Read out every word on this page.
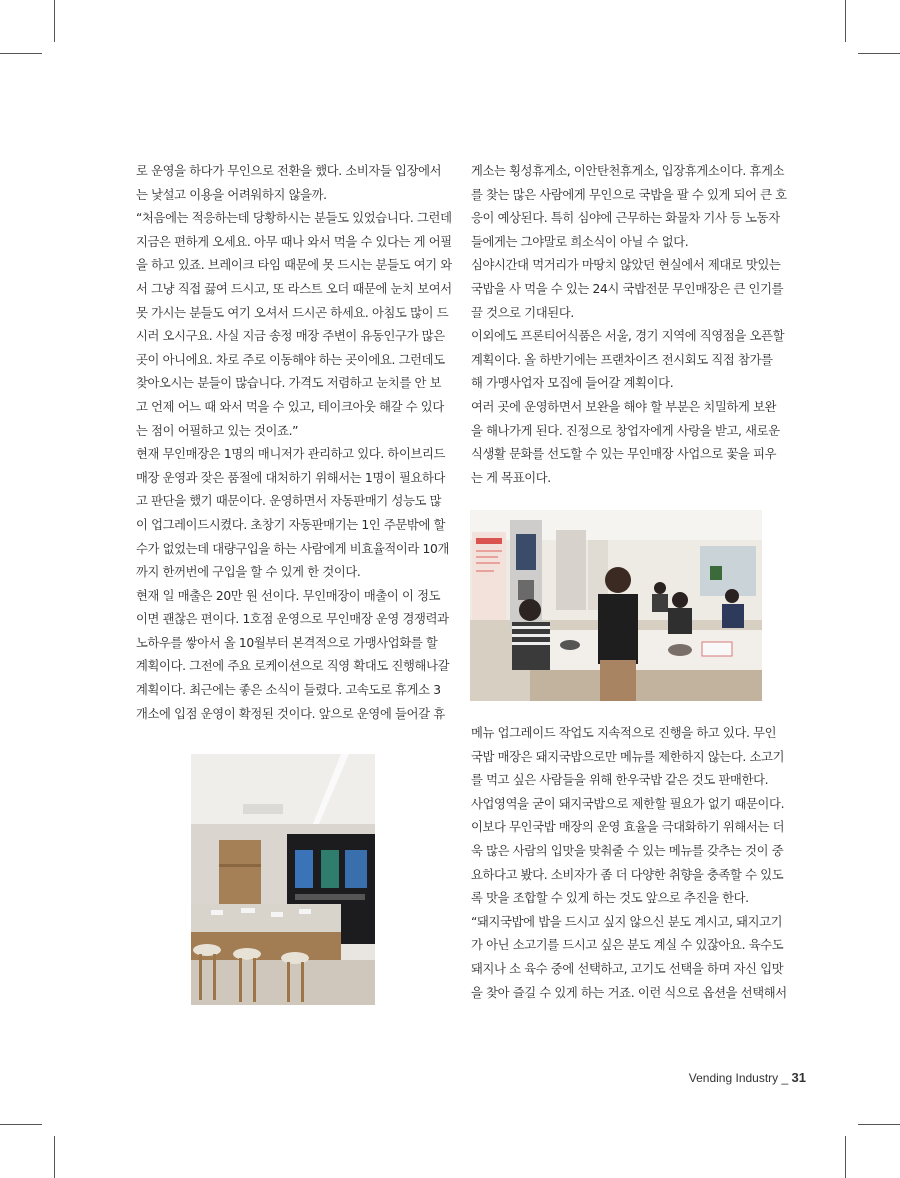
로 운영을 하다가 무인으로 전환을 했다. 소비자들 입장에서

는 낯설고 이용을 어려워하지 않을까.

“처음에는 적응하는데 당황하시는 분들도 있었습니다. 그런데

지금은 편하게 오세요. 아무 때나 와서 먹을 수 있다는 게 어필

을 하고 있죠. 브레이크 타임 때문에 못 드시는 분들도 여기 와

서 그냥 직접 끓여 드시고, 또 라스트 오더 때문에 눈치 보여서

못 가시는 분들도 여기 오셔서 드시곤 하세요. 아침도 많이 드

시러 오시구요. 사실 지금 송정 매장 주변이 유동인구가 많은

곳이 아니에요. 차로 주로 이동해야 하는 곳이에요. 그런데도

찾아오시는 분들이 많습니다. 가격도 저렴하고 눈치를 안 보

고 언제 어느 때 와서 먹을 수 있고, 테이크아웃 해갈 수 있다

는 점이 어필하고 있는 것이죠.”

현재 무인매장은 1명의 매니저가 관리하고 있다. 하이브리드

매장 운영과 잦은 품절에 대처하기 위해서는 1명이 필요하다

고 판단을 했기 때문이다. 운영하면서 자동판매기 성능도 많

이 업그레이드시켰다. 초창기 자동판매기는 1인 주문밖에 할

수가 없었는데 대량구입을 하는 사람에게 비효율적이라 10개

까지 한꺼번에 구입을 할 수 있게 한 것이다.

현재 일 매출은 20만 원 선이다. 무인매장이 매출이 이 정도

이면 괜찮은 편이다. 1호점 운영으로 무인매장 운영 경쟁력과

노하우를 쌓아서 올 10월부터 본격적으로 가맹사업화를 할

계획이다. 그전에 주요 로케이션으로 직영 확대도 진행해나갈

계획이다. 최근에는 좋은 소식이 들렸다. 고속도로 휴게소 3

개소에 입점 운영이 확정된 것이다. 앞으로 운영에 들어갈 휴

게소는 횡성휴게소, 이안탄천휴게소, 입장휴게소이다. 휴게소

를 찾는 많은 사람에게 무인으로 국밥을 팔 수 있게 되어 큰 호

응이 예상된다. 특히 심야에 근무하는 화물차 기사 등 노동자

들에게는 그야말로 희소식이 아닐 수 없다.

심야시간대 먹거리가 마땅치 않았던 현실에서 제대로 맛있는

국밥을 사 먹을 수 있는 24시 국밥전문 무인매장은 큰 인기를

끌 것으로 기대된다.

이외에도 프론티어식품은 서울, 경기 지역에 직영점을 오픈할

계획이다. 올 하반기에는 프랜차이즈 전시회도 직접 참가를

해 가맹사업자 모집에 들어갈 계획이다.

여러 곳에 운영하면서 보완을 해야 할 부분은 치밀하게 보완

을 해나가게 된다. 진정으로 창업자에게 사랑을 받고, 새로운

식생활 문화를 선도할 수 있는 무인매장 사업으로 꽃을 피우

는 게 목표이다.

메뉴 업그레이드 작업도 지속적으로 진행을 하고 있다. 무인

국밥 매장은 돼지국밥으로만 메뉴를 제한하지 않는다. 소고기

를 먹고 싶은 사람들을 위해 한우국밥 같은 것도 판매한다.

사업영역을 굳이 돼지국밥으로 제한할 필요가 없기 때문이다.

이보다 무인국밥 매장의 운영 효율을 극대화하기 위해서는 더

욱 많은 사람의 입맛을 맞춰줄 수 있는 메뉴를 갖추는 것이 중

요하다고 봤다. 소비자가 좀 더 다양한 취향을 충족할 수 있도

록 맛을 조합할 수 있게 하는 것도 앞으로 추진을 한다.

“돼지국밥에 밥을 드시고 싶지 않으신 분도 계시고, 돼지고기

가 아닌 소고기를 드시고 싶은 분도 계실 수 있잖아요. 육수도

돼지나 소 육수 중에 선택하고, 고기도 선택을 하며 자신 입맛

을 찾아 즐길 수 있게 하는 거죠. 이런 식으로 옵션을 선택해서

Vending Industry _ 31
